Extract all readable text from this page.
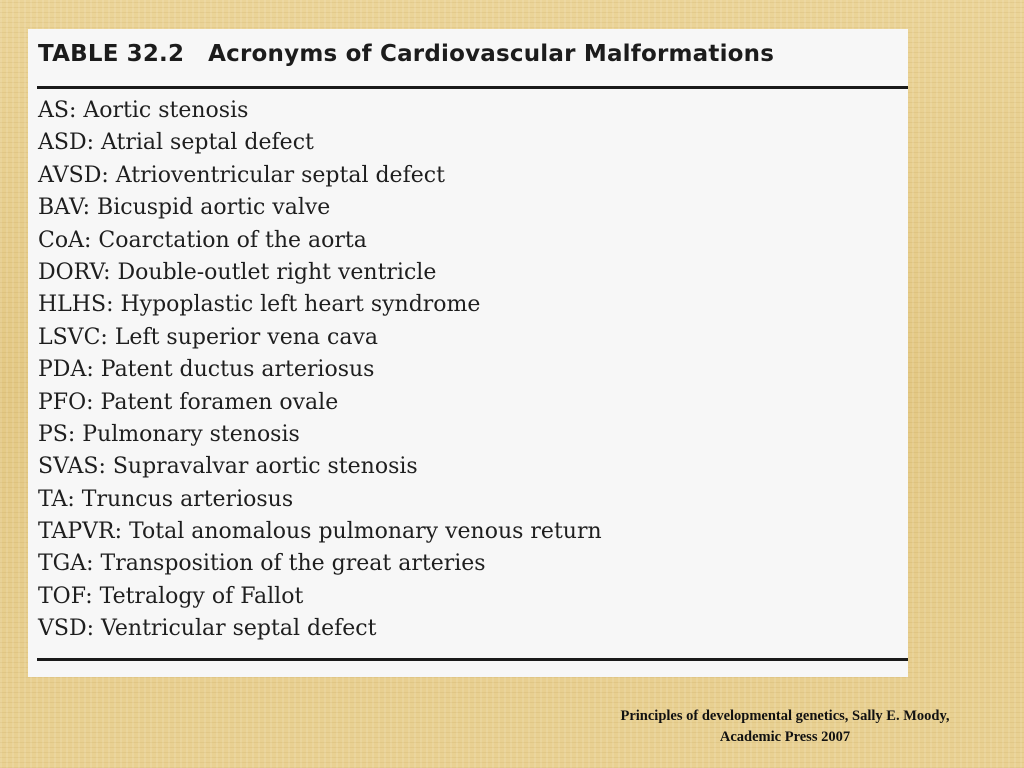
TABLE 32.2 Acronyms of Cardiovascular Malformations
AS: Aortic stenosis
ASD: Atrial septal defect
AVSD: Atrioventricular septal defect
BAV: Bicuspid aortic valve
CoA: Coarctation of the aorta
DORV: Double-outlet right ventricle
HLHS: Hypoplastic left heart syndrome
LSVC: Left superior vena cava
PDA: Patent ductus arteriosus
PFO: Patent foramen ovale
PS: Pulmonary stenosis
SVAS: Supravalvar aortic stenosis
TA: Truncus arteriosus
TAPVR: Total anomalous pulmonary venous return
TGA: Transposition of the great arteries
TOF: Tetralogy of Fallot
VSD: Ventricular septal defect
Principles of developmental genetics, Sally E. Moody,
Academic Press 2007
